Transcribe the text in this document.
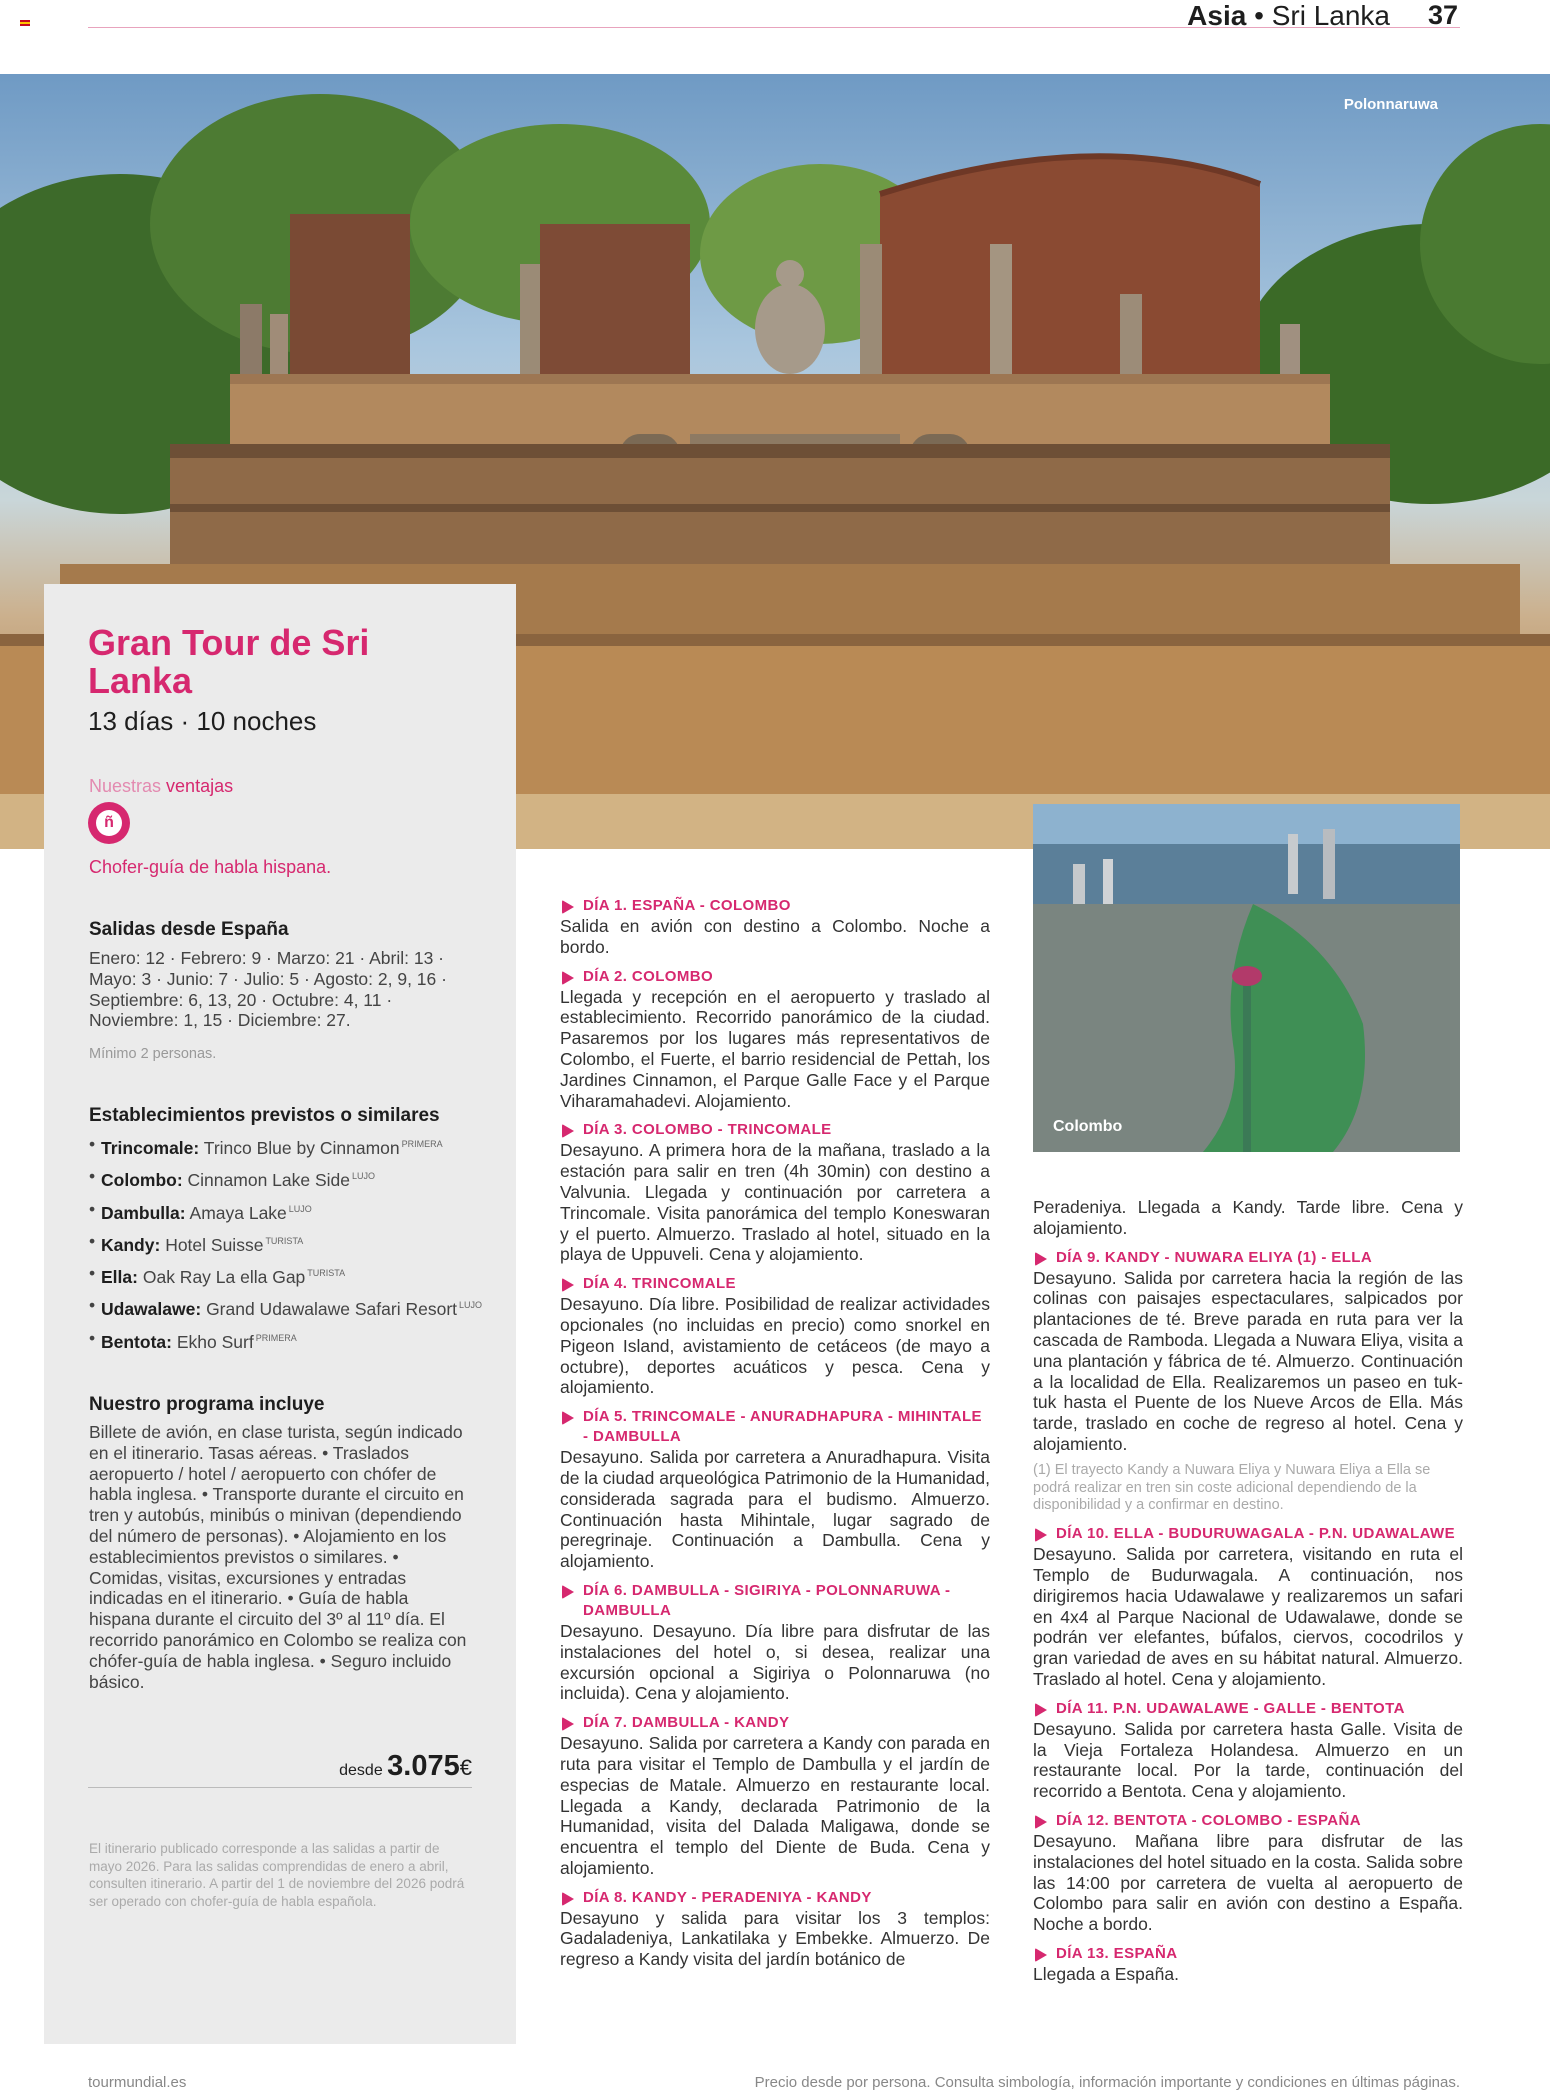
Asia • Sri Lanka 37
Polonnaruwa
Gran Tour de Sri Lanka
13 días · 10 noches
Nuestras ventajas
ñ
Chofer-guía de habla hispana.
Salidas desde España
Enero: 12 · Febrero: 9 · Marzo: 21 · Abril: 13 · Mayo: 3 · Junio: 7 · Julio: 5 · Agosto: 2, 9, 16 · Septiembre: 6, 13, 20 · Octubre: 4, 11 · Noviembre: 1, 15 · Diciembre: 27.
Mínimo 2 personas.
Establecimientos previstos o similares
• Trincomale: Trinco Blue by Cinnamon $^{PRIMERA}$
• Colombo: Cinnamon Lake Side $^{LUJO}$
• Dambulla: Amaya Lake $^{LUJO}$
• Kandy: Hotel Suisse $^{TURISTA}$
• Ella: Oak Ray La ella Gap $^{TURISTA}$
• Udawalawe: Grand Udawalawe Safari Resort $^{LUJO}$
• Bentota: Ekho Surf $^{PRIMERA}$
Nuestro programa incluye
Billete de avión, en clase turista, según indicado en el itinerario. Tasas aéreas. • Traslados aeropuerto / hotel / aeropuerto con chófer de habla inglesa. • Transporte durante el circuito en tren y autobús, minibús o minivan (dependiendo del número de personas). • Alojamiento en los establecimientos previstos o similares. • Comidas, visitas, excursiones y entradas indicadas en el itinerario. • Guía de habla hispana durante el circuito del 3º al 11º día. El recorrido panorámico en Colombo se realiza con chófer-guía de habla inglesa. • Seguro incluido básico.
desde 3.075€
El itinerario publicado corresponde a las salidas a partir de mayo 2026. Para las salidas comprendidas de enero a abril, consulten itinerario. A partir del 1 de noviembre del 2026 podrá ser operado con chofer-guía de habla española.
Colombo
DÍA 1. ESPAÑA - COLOMBO
Salida en avión con destino a Colombo. Noche a bordo.
DÍA 2. COLOMBO
Llegada y recepción en el aeropuerto y traslado al establecimiento. Recorrido panorámico de la ciudad. Pasaremos por los lugares más representativos de Colombo, el Fuerte, el barrio residencial de Pettah, los Jardines Cinnamon, el Parque Galle Face y el Parque Viharamahadevi. Alojamiento.
DÍA 3. COLOMBO - TRINCOMALE
Desayuno. A primera hora de la mañana, traslado a la estación para salir en tren (4h 30min) con destino a Valvunia. Llegada y continuación por carretera a Trincomale. Visita panorámica del templo Koneswaran y el puerto. Almuerzo. Traslado al hotel, situado en la playa de Uppuveli. Cena y alojamiento.
DÍA 4. TRINCOMALE
Desayuno. Día libre. Posibilidad de realizar actividades opcionales (no incluidas en precio) como snorkel en Pigeon Island, avistamiento de cetáceos (de mayo a octubre), deportes acuáticos y pesca. Cena y alojamiento.
DÍA 5. TRINCOMALE - ANURADHAPURA - MIHINTALE - DAMBULLA
Desayuno. Salida por carretera a Anuradhapura. Visita de la ciudad arqueológica Patrimonio de la Humanidad, considerada sagrada para el budismo. Almuerzo. Continuación hasta Mihintale, lugar sagrado de peregrinaje. Continuación a Dambulla. Cena y alojamiento.
DÍA 6. DAMBULLA - SIGIRIYA - POLONNARUWA - DAMBULLA
Desayuno. Desayuno. Día libre para disfrutar de las instalaciones del hotel o, si desea, realizar una excursión opcional a Sigiriya o Polonnaruwa (no incluida). Cena y alojamiento.
DÍA 7. DAMBULLA - KANDY
Desayuno. Salida por carretera a Kandy con parada en ruta para visitar el Templo de Dambulla y el jardín de especias de Matale. Almuerzo en restaurante local. Llegada a Kandy, declarada Patrimonio de la Humanidad, visita del Dalada Maligawa, donde se encuentra el templo del Diente de Buda. Cena y alojamiento.
DÍA 8. KANDY - PERADENIYA - KANDY
Desayuno y salida para visitar los 3 templos: Gadaladeniya, Lankatilaka y Embekke. Almuerzo. De regreso a Kandy visita del jardín botánico de
Peradeniya. Llegada a Kandy. Tarde libre. Cena y alojamiento.
DÍA 9. KANDY - NUWARA ELIYA (1) - ELLA
Desayuno. Salida por carretera hacia la región de las colinas con paisajes espectaculares, salpicados por plantaciones de té. Breve parada en ruta para ver la cascada de Ramboda. Llegada a Nuwara Eliya, visita a una plantación y fábrica de té. Almuerzo. Continuación a la localidad de Ella. Realizaremos un paseo en tuk-tuk hasta el Puente de los Nueve Arcos de Ella. Más tarde, traslado en coche de regreso al hotel. Cena y alojamiento.
(1) El trayecto Kandy a Nuwara Eliya y Nuwara Eliya a Ella se podrá realizar en tren sin coste adicional dependiendo de la disponibilidad y a confirmar en destino.
DÍA 10. ELLA - BUDURUWAGALA - P.N. UDAWALAWE
Desayuno. Salida por carretera, visitando en ruta el Templo de Budurwagala. A continuación, nos dirigiremos hacia Udawalawe y realizaremos un safari en 4x4 al Parque Nacional de Udawalawe, donde se podrán ver elefantes, búfalos, ciervos, cocodrilos y gran variedad de aves en su hábitat natural. Almuerzo. Traslado al hotel. Cena y alojamiento.
DÍA 11. P.N. UDAWALAWE - GALLE - BENTOTA
Desayuno. Salida por carretera hasta Galle. Visita de la Vieja Fortaleza Holandesa. Almuerzo en un restaurante local. Por la tarde, continuación del recorrido a Bentota. Cena y alojamiento.
DÍA 12. BENTOTA - COLOMBO - ESPAÑA
Desayuno. Mañana libre para disfrutar de las instalaciones del hotel situado en la costa. Salida sobre las 14:00 por carretera de vuelta al aeropuerto de Colombo para salir en avión con destino a España. Noche a bordo.
DÍA 13. ESPAÑA
Llegada a España.
tourmundial.es	Precio desde por persona. Consulta simbología, información importante y condiciones en últimas páginas.
